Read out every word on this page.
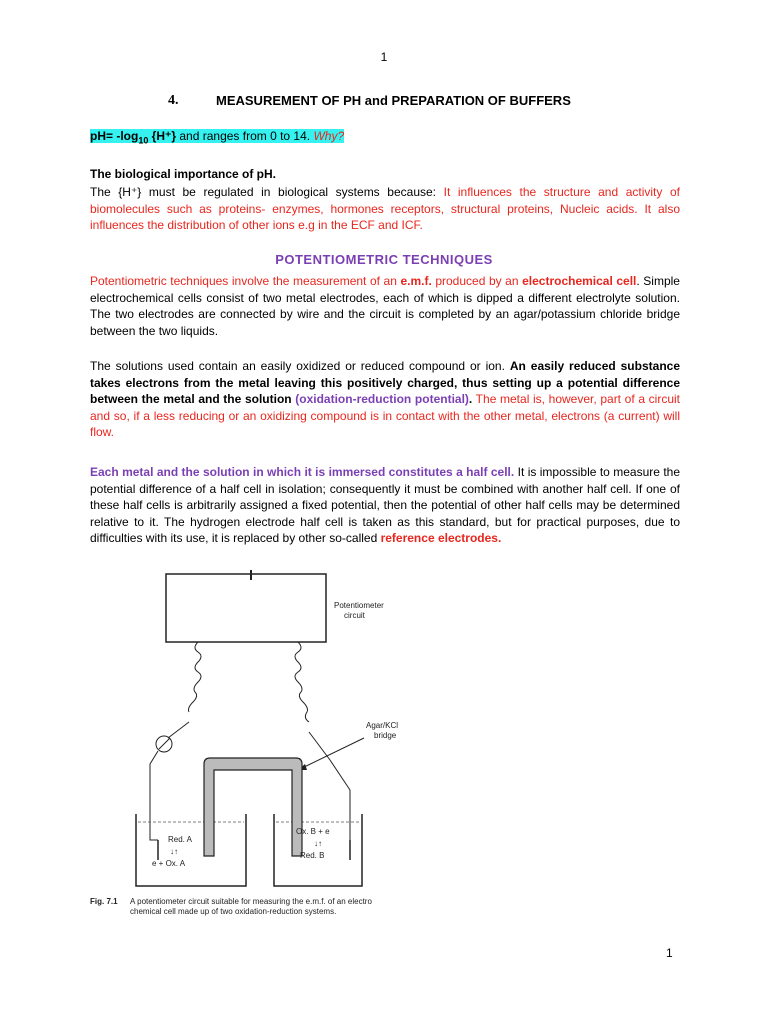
1
4.	MEASUREMENT OF PH and PREPARATION OF BUFFERS
$pH= -\log_{10}$ {H⁺} and ranges from 0 to 14. Why?
The biological importance of pH.
The {H⁺} must be regulated in biological systems because: It influences the structure and activity of biomolecules such as proteins- enzymes, hormones receptors, structural proteins, Nucleic acids. It also influences the distribution of other ions e.g in the ECF and ICF.
POTENTIOMETRIC TECHNIQUES
Potentiometric techniques involve the measurement of an e.m.f. produced by an electrochemical cell. Simple electrochemical cells consist of two metal electrodes, each of which is dipped a different electrolyte solution. The two electrodes are connected by wire and the circuit is completed by an agar/potassium chloride bridge between the two liquids.
The solutions used contain an easily oxidized or reduced compound or ion. An easily reduced substance takes electrons from the metal leaving this positively charged, thus setting up a potential difference between the metal and the solution (oxidation-reduction potential). The metal is, however, part of a circuit and so, if a less reducing or an oxidizing compound is in contact with the other metal, electrons (a current) will flow.
Each metal and the solution in which it is immersed constitutes a half cell. It is impossible to measure the potential difference of a half cell in isolation; consequently it must be combined with another half cell. If one of these half cells is arbitrarily assigned a fixed potential, then the potential of other half cells may be determined relative to it. The hydrogen electrode half cell is taken as this standard, but for practical purposes, due to difficulties with its use, it is replaced by other so-called reference electrodes.
Potentiometer
circuit
Agar/KCl
bridge
Red. A
↓↑
e + Ox. A
Ox. B + e
↓↑
Red. B
Fig. 7.1 A potentiometer circuit suitable for measuring the e.m.f. of an electro
chemical cell made up of two oxidation-reduction systems.
1
